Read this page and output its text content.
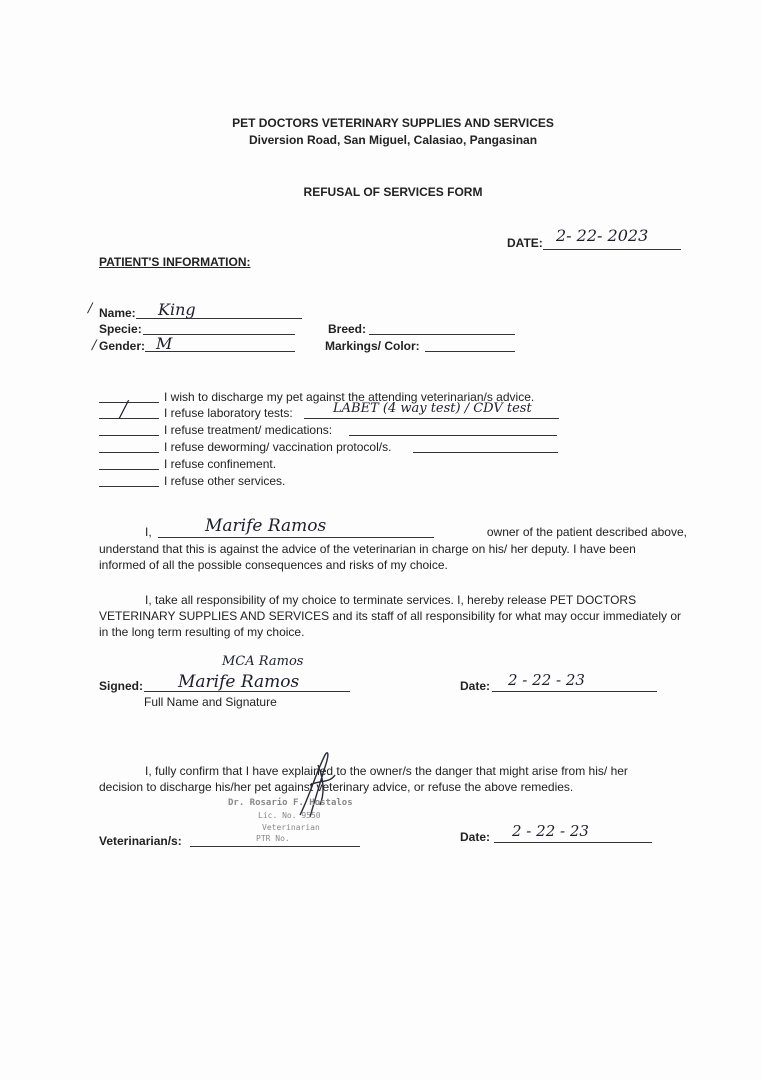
PET DOCTORS VETERINARY SUPPLIES AND SERVICES
Diversion Road, San Miguel, Calasiao, Pangasinan
REFUSAL OF SERVICES FORM
DATE: 2- 22- 2023
PATIENT'S INFORMATION:
/
/
Name: King
Specie:
Gender: M
Breed:
Markings/ Color:
I wish to discharge my pet against the attending veterinarian/s advice.
╱	I refuse laboratory tests:	LABET (4 way test) / CDV test
I refuse treatment/ medications:
I refuse deworming/ vaccination protocol/s.
I refuse confinement.
I refuse other services.
I,	Marife Ramos	owner of the patient described above,
understand that this is against the advice of the veterinarian in charge on his/ her deputy. I have been
informed of all the possible consequences and risks of my choice.
I, take all responsibility of my choice to terminate services. I, hereby release PET DOCTORS
VETERINARY SUPPLIES AND SERVICES and its staff of all responsibility for what may occur immediately or
in the long term resulting of my choice.
Signed:
MCA Ramos
Marife Ramos
Full Name and Signature
Date: 2 - 22 - 23
I, fully confirm that I have explained to the owner/s the danger that might arise from his/ her
decision to discharge his/her pet against veterinary advice, or refuse the above remedies.
Dr. Rosario F. Hostalos
Lic. No. 9550
Veterinarian
PTR No.
Veterinarian/s:	Date: 2 - 22 - 23
